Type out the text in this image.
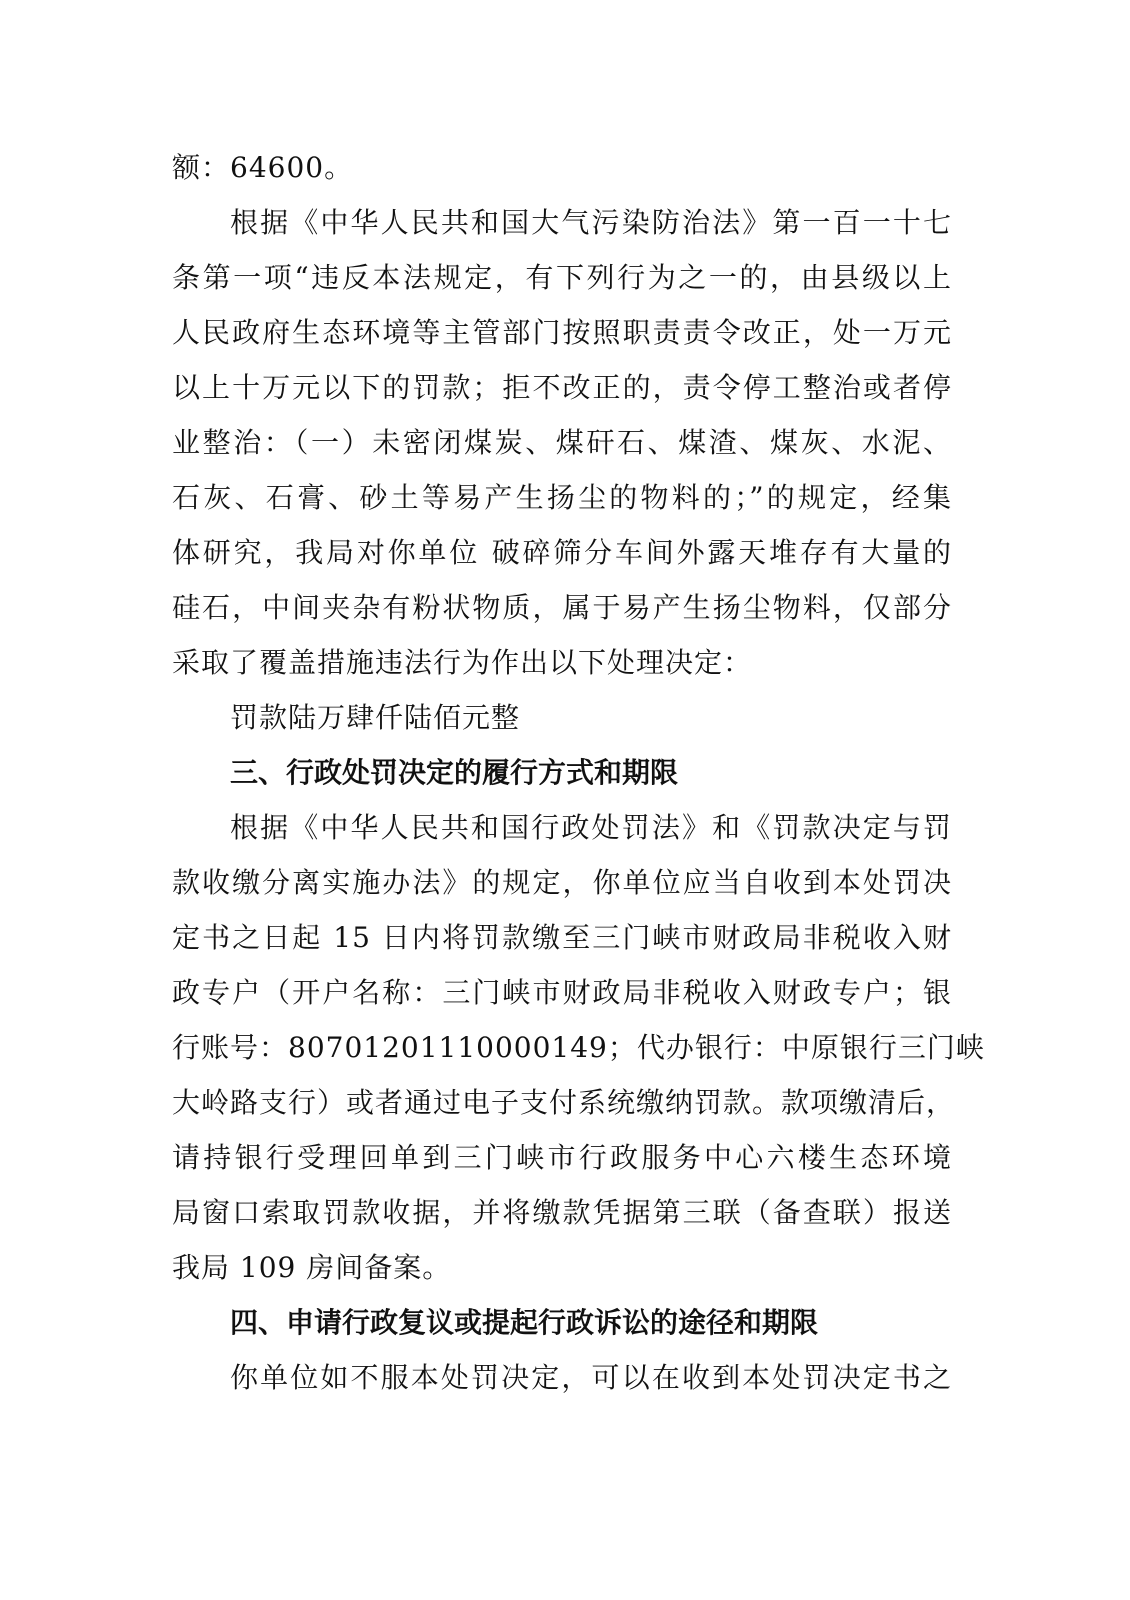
额：64600。
根据《中华人民共和国大气污染防治法》第一百一十七
条第一项“违反本法规定，有下列行为之一的，由县级以上
人民政府生态环境等主管部门按照职责责令改正，处一万元
以上十万元以下的罚款；拒不改正的，责令停工整治或者停
业整治：（一）未密闭煤炭、煤矸石、煤渣、煤灰、水泥、
石灰、石膏、砂土等易产生扬尘的物料的；”的规定，经集
体研究，我局对你单位 破碎筛分车间外露天堆存有大量的
硅石，中间夹杂有粉状物质，属于易产生扬尘物料，仅部分
采取了覆盖措施违法行为作出以下处理决定：
罚款陆万肆仟陆佰元整
三、行政处罚决定的履行方式和期限
根据《中华人民共和国行政处罚法》和《罚款决定与罚
款收缴分离实施办法》的规定，你单位应当自收到本处罚决
定书之日起 15 日内将罚款缴至三门峡市财政局非税收入财
政专户（开户名称：三门峡市财政局非税收入财政专户；银
行账号：80701201110000149；代办银行：中原银行三门峡
大岭路支行）或者通过电子支付系统缴纳罚款。款项缴清后，
请持银行受理回单到三门峡市行政服务中心六楼生态环境
局窗口索取罚款收据，并将缴款凭据第三联（备查联）报送
我局 109 房间备案。
四、申请行政复议或提起行政诉讼的途径和期限
你单位如不服本处罚决定，可以在收到本处罚决定书之
